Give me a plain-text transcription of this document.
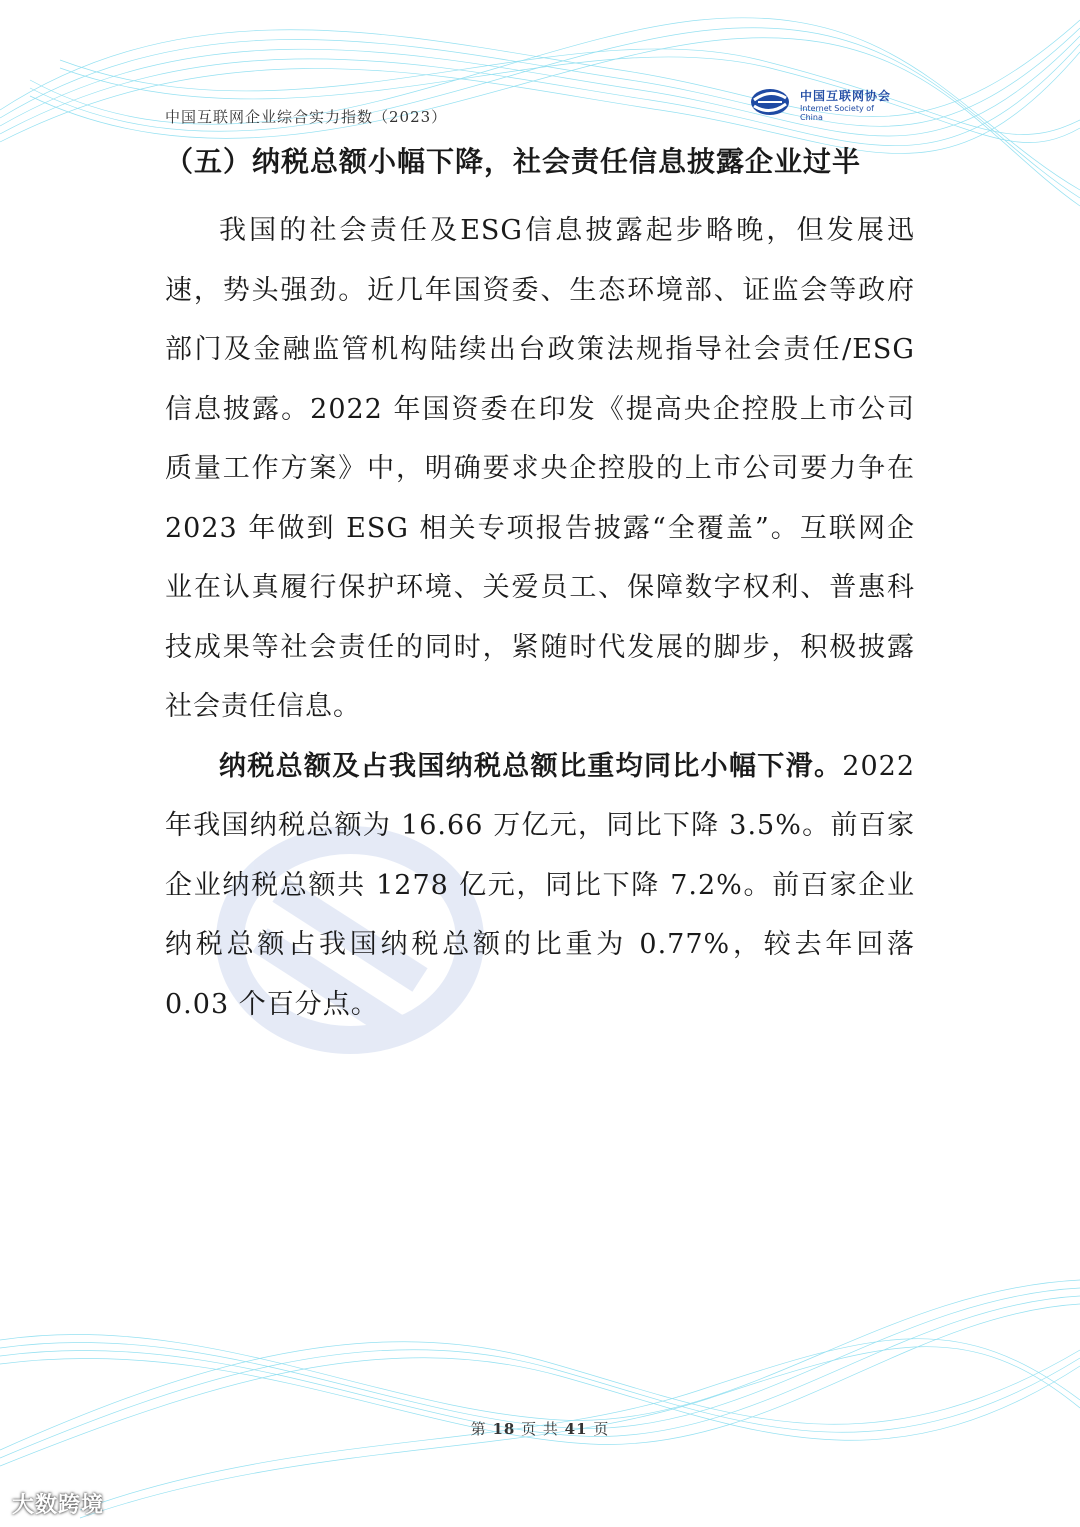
中国互联网企业综合实力指数（2023）
中国互联网协会
Internet Society of China
（五）纳税总额小幅下降，社会责任信息披露企业过半

我国的社会责任及ESG信息披露起步略晚，但发展迅速，势头强劲。近几年国资委、生态环境部、证监会等政府部门及金融监管机构陆续出台政策法规指导社会责任/ESG 信息披露。2022 年国资委在印发《提高央企控股上市公司质量工作方案》中，明确要求央企控股的上市公司要力争在 2023 年做到 ESG 相关专项报告披露“全覆盖”。互联网企业在认真履行保护环境、关爱员工、保障数字权利、普惠科技成果等社会责任的同时，紧随时代发展的脚步，积极披露社会责任信息。

纳税总额及占我国纳税总额比重均同比小幅下滑。2022年我国纳税总额为 16.66 万亿元，同比下降 3.5%。前百家企业纳税总额共 1278 亿元，同比下降 7.2%。前百家企业纳税总额占我国纳税总额的比重为 0.77%，较去年回落 0.03 个百分点。

第 18 页 共 41 页
大数跨境
